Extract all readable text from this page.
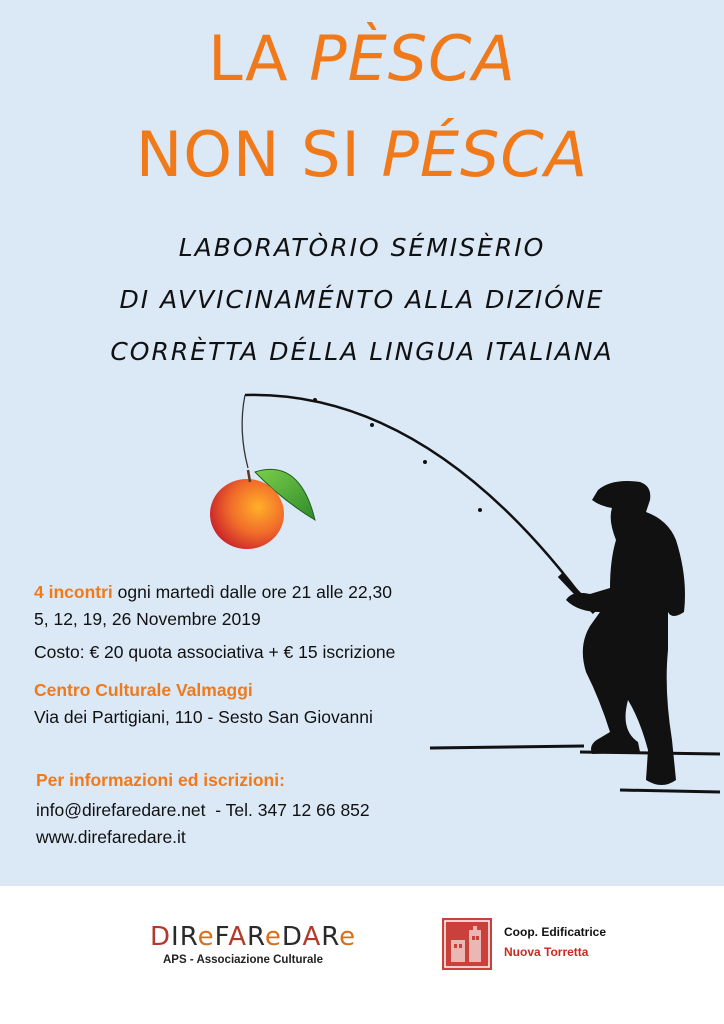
LA PÈSCA
NON SI PÉSCA
LABORATÒRIO SÉMISÈRIO
DI AVVICINAMÉNTO ALLA DIZIÓNE
CORRÈTTA DÉLLA LINGUA ITALIANA
4 incontri ogni martedì dalle ore 21 alle 22,30
5, 12, 19, 26 Novembre 2019
Costo: € 20 quota associativa + € 15 iscrizione
Centro Culturale Valmaggi
Via dei Partigiani, 110 - Sesto San Giovanni
Per informazioni ed iscrizioni:
info@direfaredare.net  - Tel. 347 12 66 852
www.direfaredare.it
DIReFAReDARe
APS - Associazione Culturale
Coop. Edificatrice
Nuova Torretta
